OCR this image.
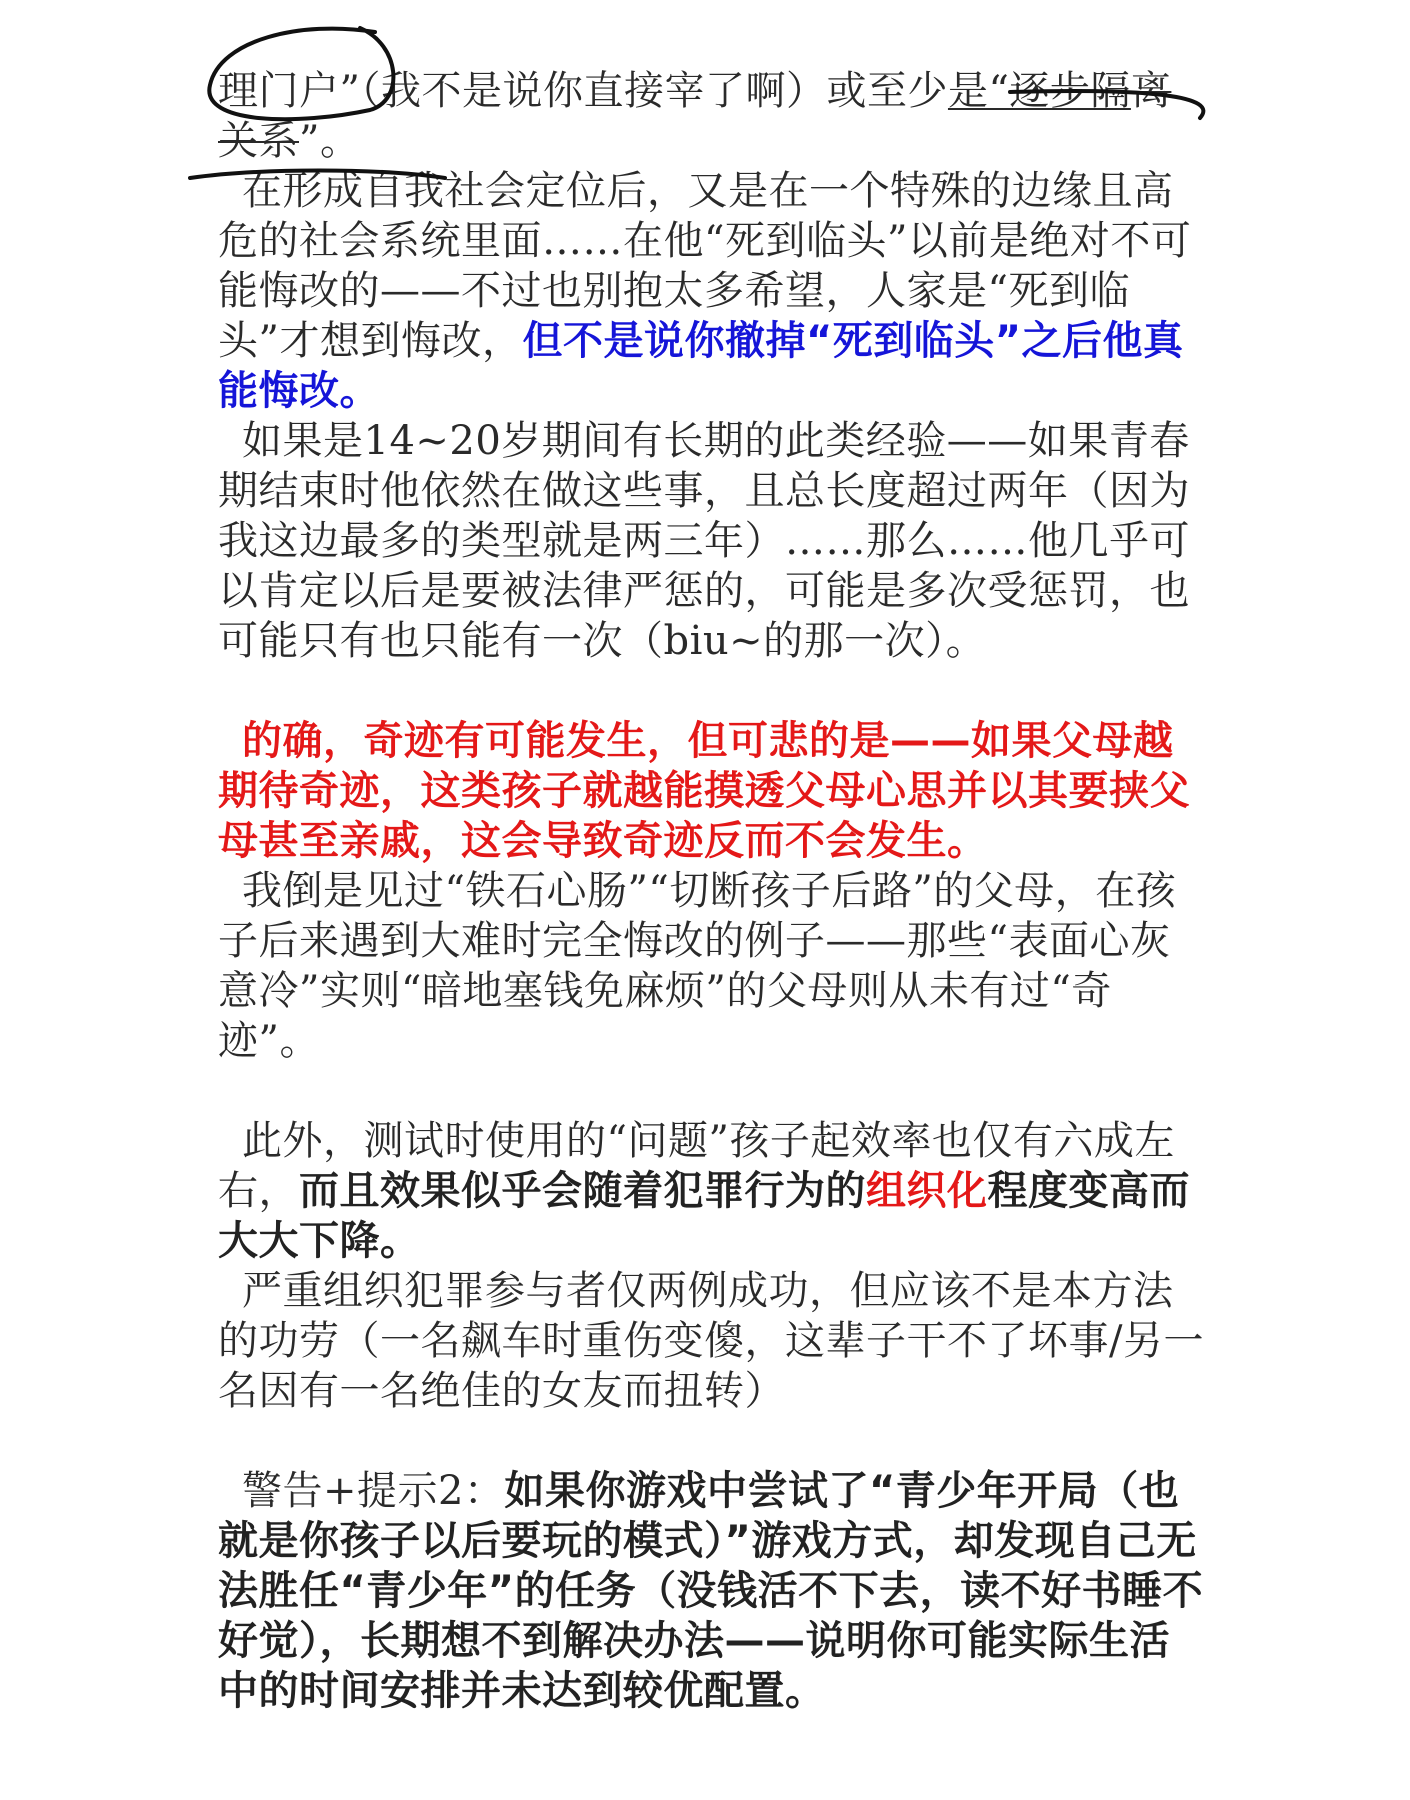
理门户”（我不是说你直接宰了啊）或至少是“逐步隔离关系”。

在形成自我社会定位后，又是在一个特殊的边缘且高危的社会系统里面……在他“死到临头”以前是绝对不可能悔改的——不过也别抱太多希望，人家是“死到临头”才想到悔改，但不是说你撤掉“死到临头”之后他真能悔改。

如果是14~20岁期间有长期的此类经验——如果青春期结束时他依然在做这些事，且总长度超过两年（因为我这边最多的类型就是两三年）……那么……他几乎可以肯定以后是要被法律严惩的，可能是多次受惩罚，也可能只有也只能有一次（biu~的那一次）。

的确，奇迹有可能发生，但可悲的是——如果父母越期待奇迹，这类孩子就越能摸透父母心思并以其要挟父母甚至亲戚，这会导致奇迹反而不会发生。

我倒是见过“铁石心肠”“切断孩子后路”的父母，在孩子后来遇到大难时完全悔改的例子——那些“表面心灰意冷”实则“暗地塞钱免麻烦”的父母则从未有过“奇迹”。

此外，测试时使用的“问题”孩子起效率也仅有六成左右，而且效果似乎会随着犯罪行为的组织化程度变高而大大下降。

严重组织犯罪参与者仅两例成功，但应该不是本方法的功劳（一名飙车时重伤变傻，这辈子干不了坏事/另一名因有一名绝佳的女友而扭转）

警告+提示2：如果你游戏中尝试了“青少年开局（也就是你孩子以后要玩的模式）”游戏方式，却发现自己无法胜任“青少年”的任务（没钱活不下去，读不好书睡不好觉），长期想不到解决办法——说明你可能实际生活中的时间安排并未达到较优配置。
